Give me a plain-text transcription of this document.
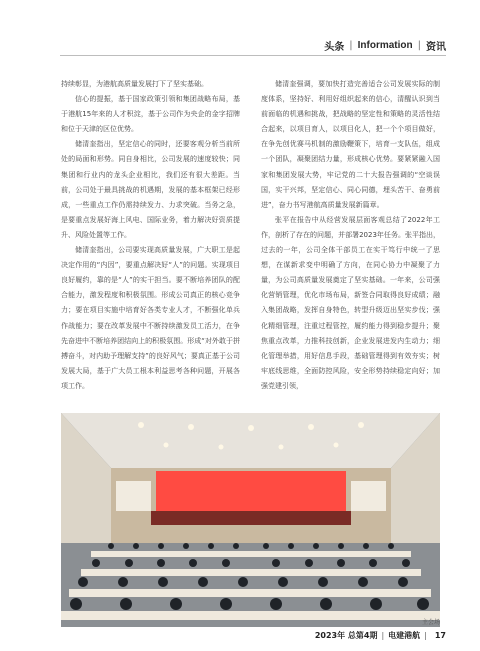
头条 | Information | 资讯

持续彰显，为港航高质量发展打下了坚实基础。

信心的提振，基于国家政策引领和集团战略布局，基于港航15年来的人才积淀，基于公司作为央企的金字招牌和位于天津的区位优势。

储清奎指出，坚定信心的同时，还要客观分析当前所处的局面和形势。同自身相比，公司发展的速度较快；同集团和行业内的龙头企业相比，我们还有很大差距。当前，公司处于最具挑战的机遇期，发展的基本框架已经形成，一些重点工作仍需持续发力、力求突破。当务之急，是要重点发展好海上风电、国际业务，着力解决好资质提升、风险处置等工作。

储清奎指出，公司要实现高质量发展，广大职工是起决定作用的“内因”，要重点解决好“人”的问题。实现项目良好履约，靠的是“人”的实干担当。要不断培养团队的配合能力，激发程度和积极氛围。形成公司真正的核心竞争力；要在项目实施中培育好各类专业人才，不断强化单兵作战能力；要在改革发展中不断持续激发员工活力，在争先奋进中不断培养团结向上的积极氛围。形成“对外敢于拼搏奋斗，对内助予理解支持”的良好风气；要真正基于公司发展大局，基于广大员工根本利益思考各种问题，开展各项工作。

储清奎强调，要加快打造完善适合公司发展实际的制度体系，坚持好、利用好组织起来的信心，清醒认识到当前面临的机遇和挑战，把战略的坚定性和策略的灵活性结合起来，以项目育人，以项目化人，把一个个项目做好，在争先创优赛马机制的激励鞭策下，培育一支队伍，组成一个团队，凝聚团结力量，形成核心优势。要紧紧融入国家和集团发展大势，牢记党的二十大报告强调的“空谈误国，实干兴邦，坚定信心、同心同德，埋头苦干、奋勇前进”，奋力书写港航高质量发展新篇章。

张平在报告中从经营发展层面客观总结了2022年工作，剖析了存在的问题，并部署2023年任务。张平指出，过去的一年，公司全体干部员工在实干笃行中统一了思想，在谋新求变中明确了方向，在同心协力中凝聚了力量，为公司高质量发展奠定了坚实基础。一年来，公司强化营销管理，优化市场布局，新签合同取得良好成绩；融入集团战略，发挥自身特色，转型升级迈出坚实步伐；强化精细管理，注重过程管控，履约能力得到稳步提升；聚焦重点改革，力推科技创新，企业发展进发内生动力；细化管理举措，用好信息手段，基础管理得到有效夯实；树牢底线思维，全面防控风险，安全形势持续稳定向好；加强党建引领，

主会场
2023年 总第4期 | 电建港航 | 17
